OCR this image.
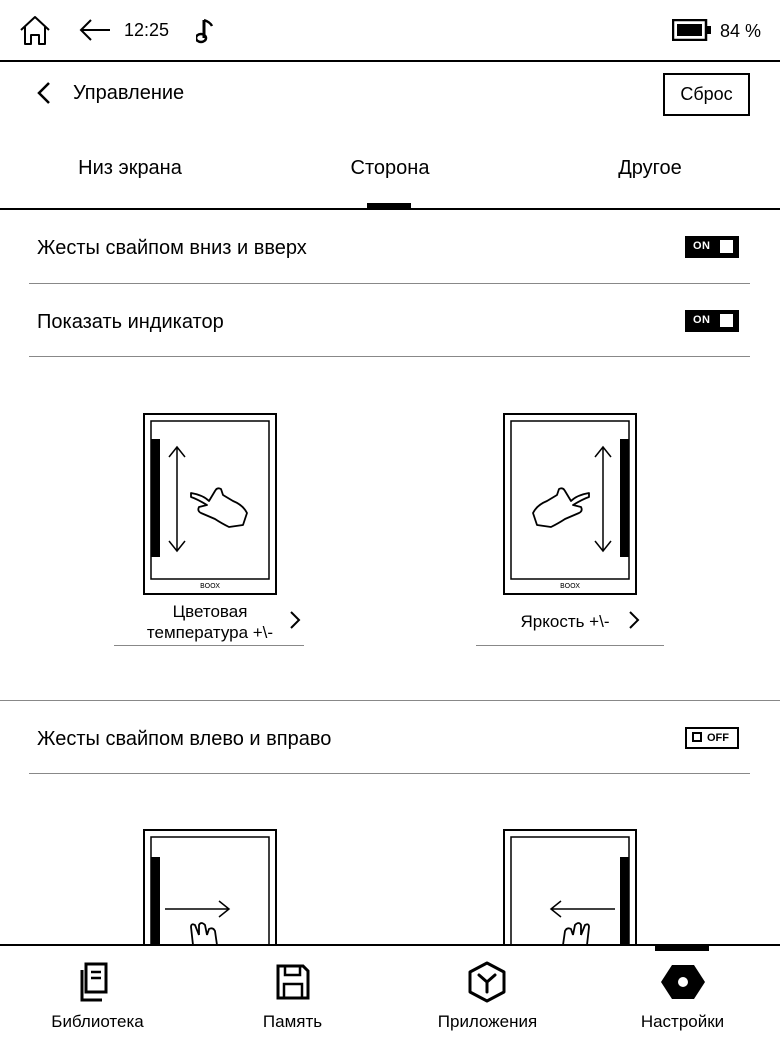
12:25	84 %
Управление	Сброс
Низ экрана	Сторона	Другое
Жесты свайпом вниз и вверх	ON
Показать индикатор	ON
BOOX
Цветовая
температура +\-
BOOX
Яркость +\-
Жесты свайпом влево и вправо	OFF
Библиотека	Память	Приложения	Настройки
